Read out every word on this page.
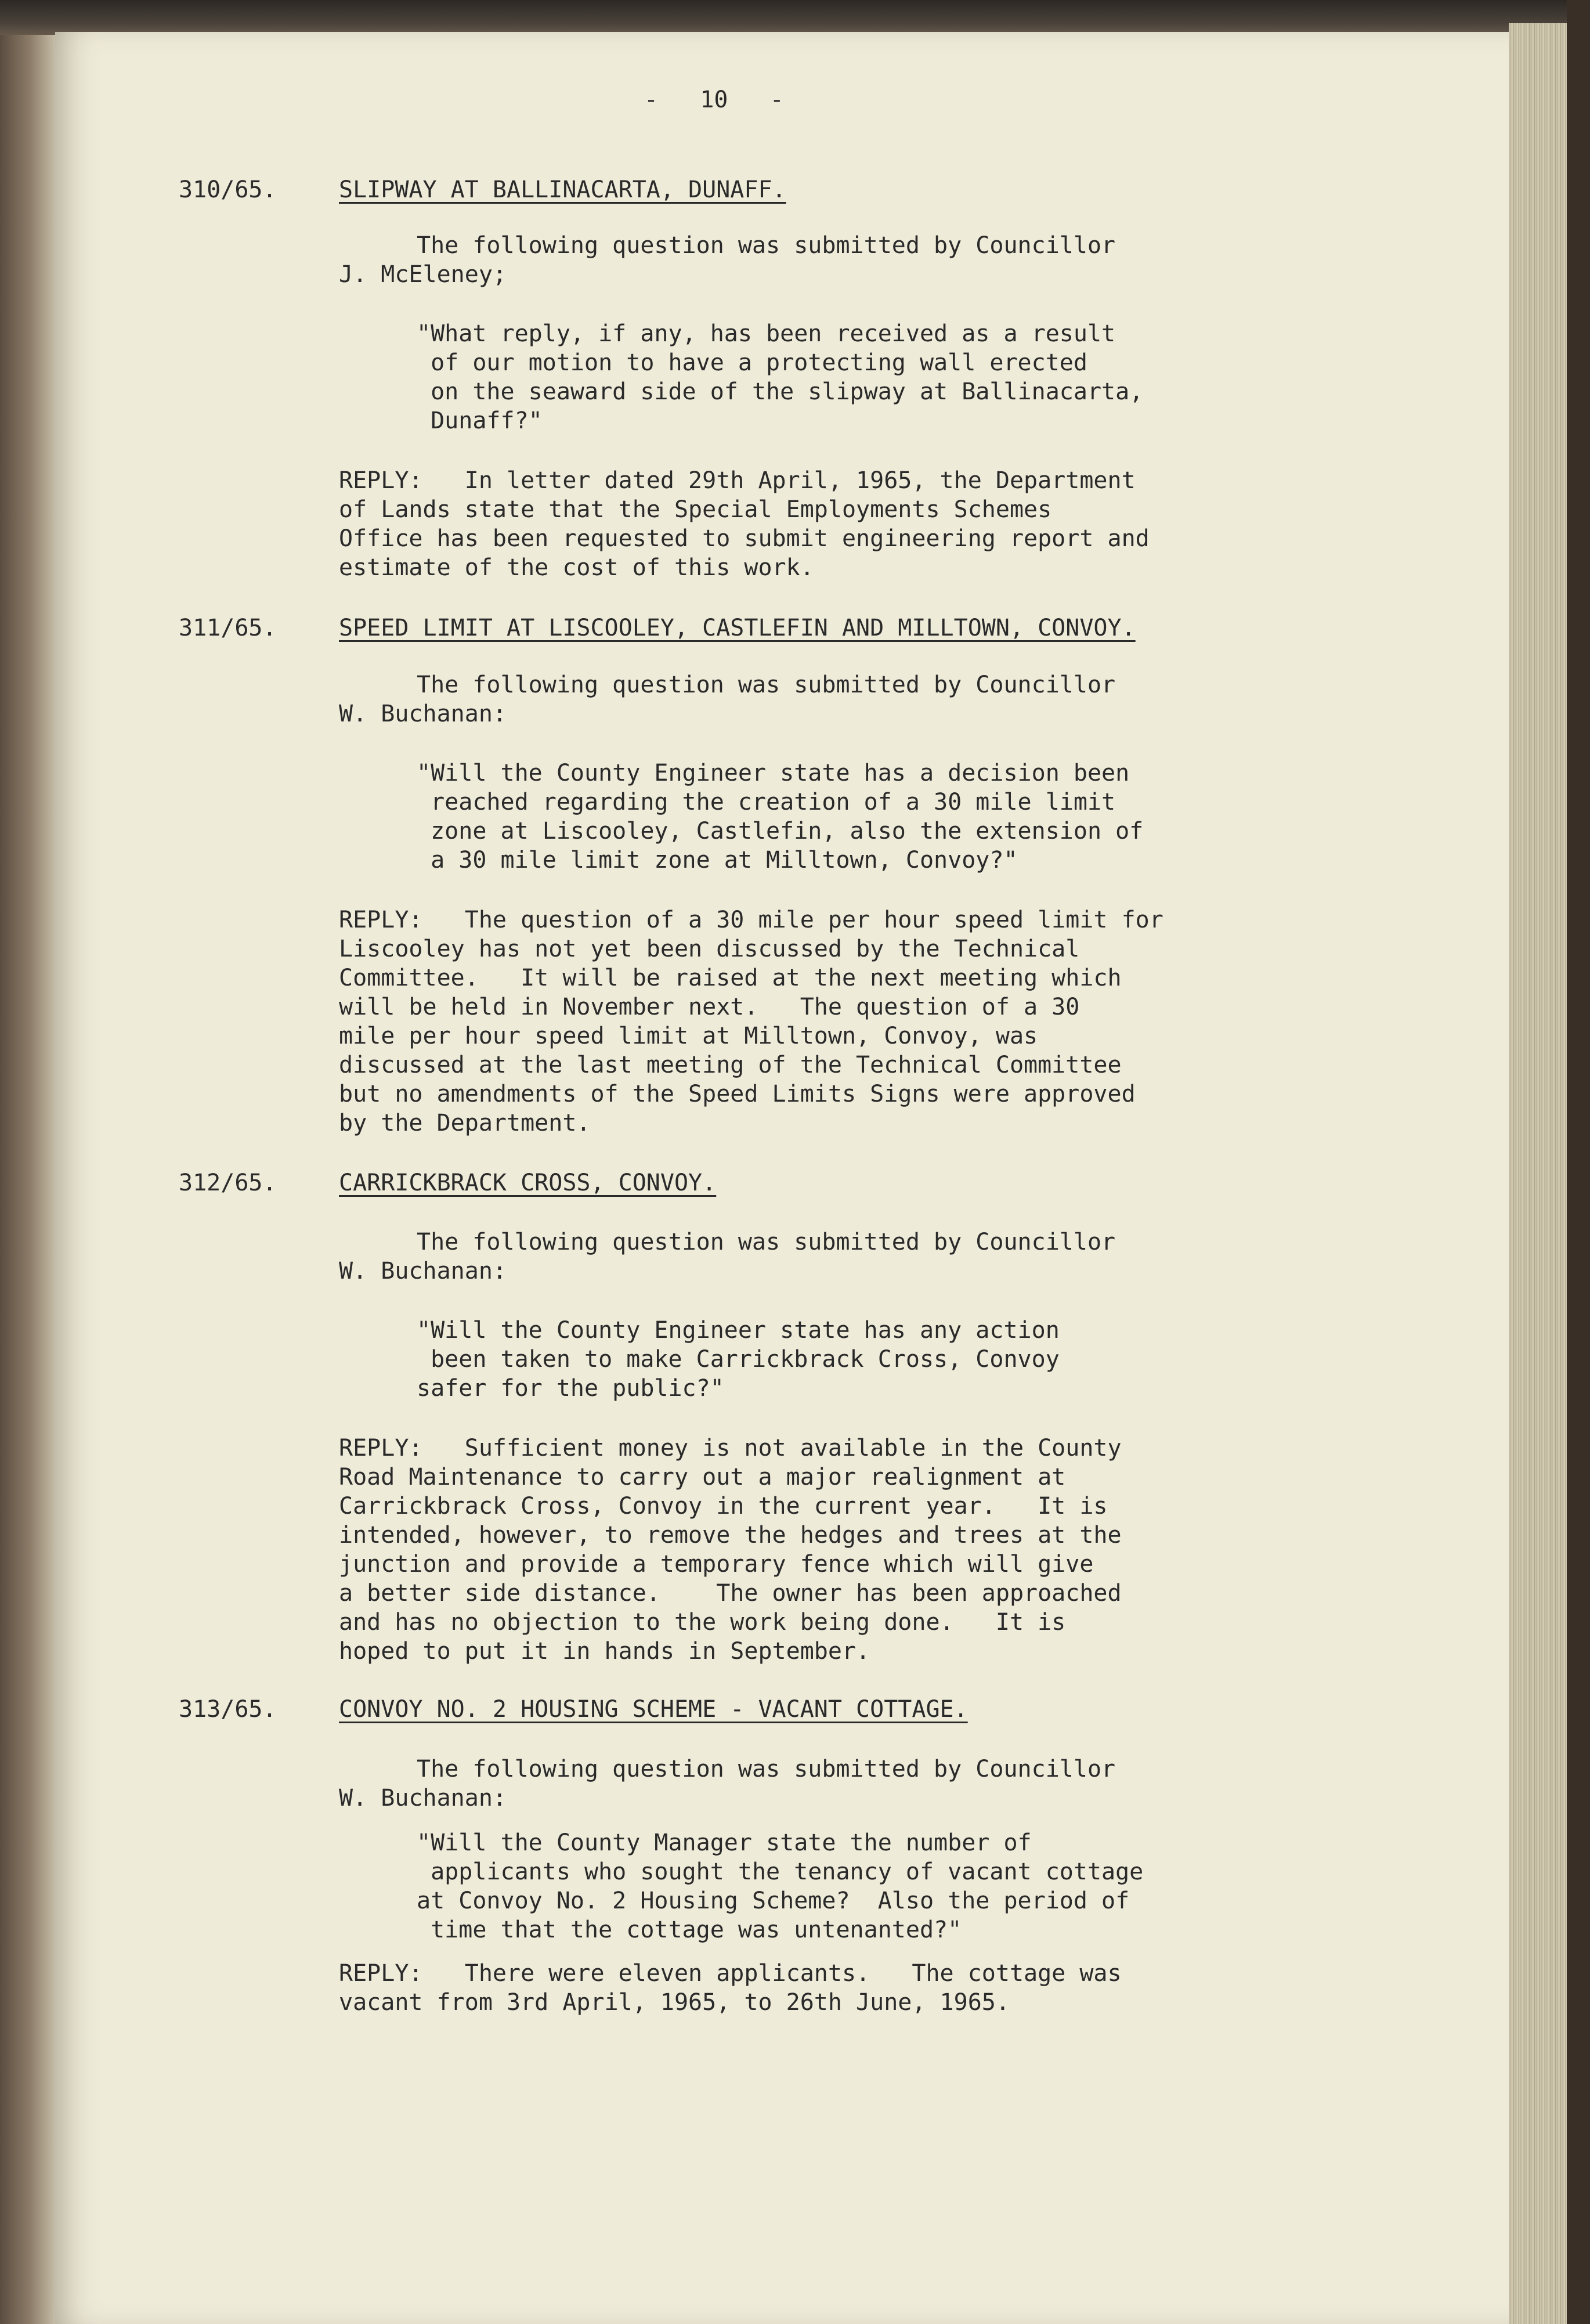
-   10   -
310/65.	SLIPWAY AT BALLINACARTA, DUNAFF.
The following question was submitted by Councillor
J. McEleney;
"What reply, if any, has been received as a result
of our motion to have a protecting wall erected
on the seaward side of the slipway at Ballinacarta,
Dunaff?"
REPLY:   In letter dated 29th April, 1965, the Department
of Lands state that the Special Employments Schemes
Office has been requested to submit engineering report and
estimate of the cost of this work.
311/65.	SPEED LIMIT AT LISCOOLEY, CASTLEFIN AND MILLTOWN, CONVOY.
The following question was submitted by Councillor
W. Buchanan:
"Will the County Engineer state has a decision been
reached regarding the creation of a 30 mile limit
zone at Liscooley, Castlefin, also the extension of
a 30 mile limit zone at Milltown, Convoy?"
REPLY:   The question of a 30 mile per hour speed limit for
Liscooley has not yet been discussed by the Technical
Committee.   It will be raised at the next meeting which
will be held in November next.   The question of a 30
mile per hour speed limit at Milltown, Convoy, was
discussed at the last meeting of the Technical Committee
but no amendments of the Speed Limits Signs were approved
by the Department.
312/65.	CARRICKBRACK CROSS, CONVOY.
The following question was submitted by Councillor
W. Buchanan:
"Will the County Engineer state has any action
been taken to make Carrickbrack Cross, Convoy
safer for the public?"
REPLY:   Sufficient money is not available in the County
Road Maintenance to carry out a major realignment at
Carrickbrack Cross, Convoy in the current year.   It is
intended, however, to remove the hedges and trees at the
junction and provide a temporary fence which will give
a better side distance.    The owner has been approached
and has no objection to the work being done.   It is
hoped to put it in hands in September.
313/65.	CONVOY NO. 2 HOUSING SCHEME - VACANT COTTAGE.
The following question was submitted by Councillor
W. Buchanan:
"Will the County Manager state the number of
applicants who sought the tenancy of vacant cottage
at Convoy No. 2 Housing Scheme?  Also the period of
time that the cottage was untenanted?"
REPLY:   There were eleven applicants.   The cottage was
vacant from 3rd April, 1965, to 26th June, 1965.
